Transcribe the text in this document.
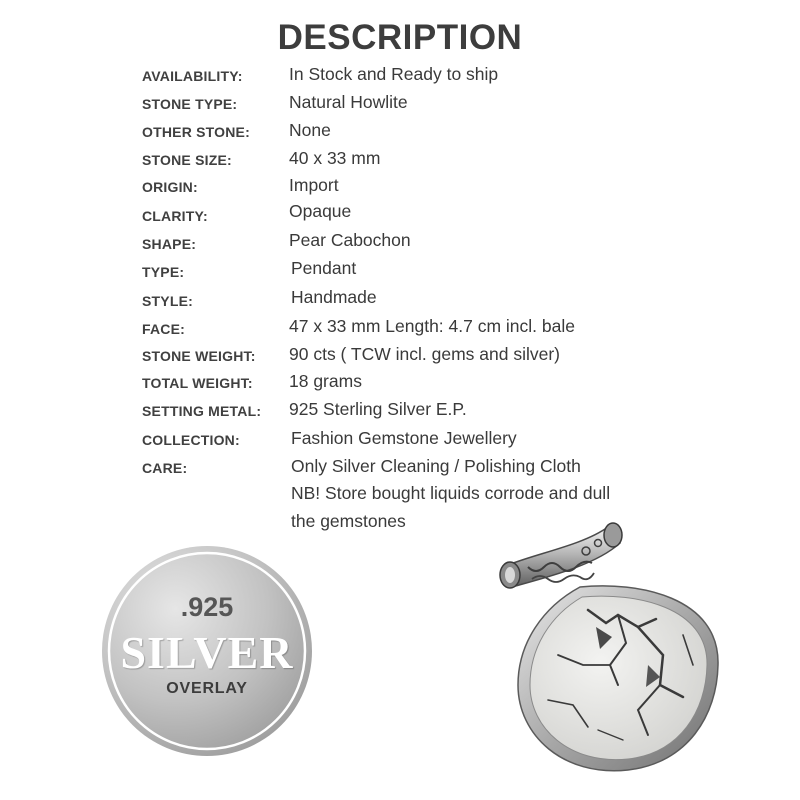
DESCRIPTION
AVAILABILITY:	In Stock and Ready to ship
STONE TYPE:	Natural Howlite
OTHER STONE: None
STONE SIZE:	40 x 33 mm
ORIGIN:	Import
CLARITY:	Opaque
SHAPE:	Pear Cabochon
TYPE:	Pendant
STYLE:	Handmade
FACE:	47 x 33 mm Length: 4.7 cm incl. bale
STONE WEIGHT: 90 cts ( TCW incl. gems and silver)
TOTAL WEIGHT: 18 grams
SETTING METAL: 925 Sterling Silver E.P.
COLLECTION:	Fashion Gemstone Jewellery
CARE:	Only Silver Cleaning / Polishing Cloth
NB! Store bought liquids corrode and dull
the gemstones
.925
SILVER
OVERLAY
